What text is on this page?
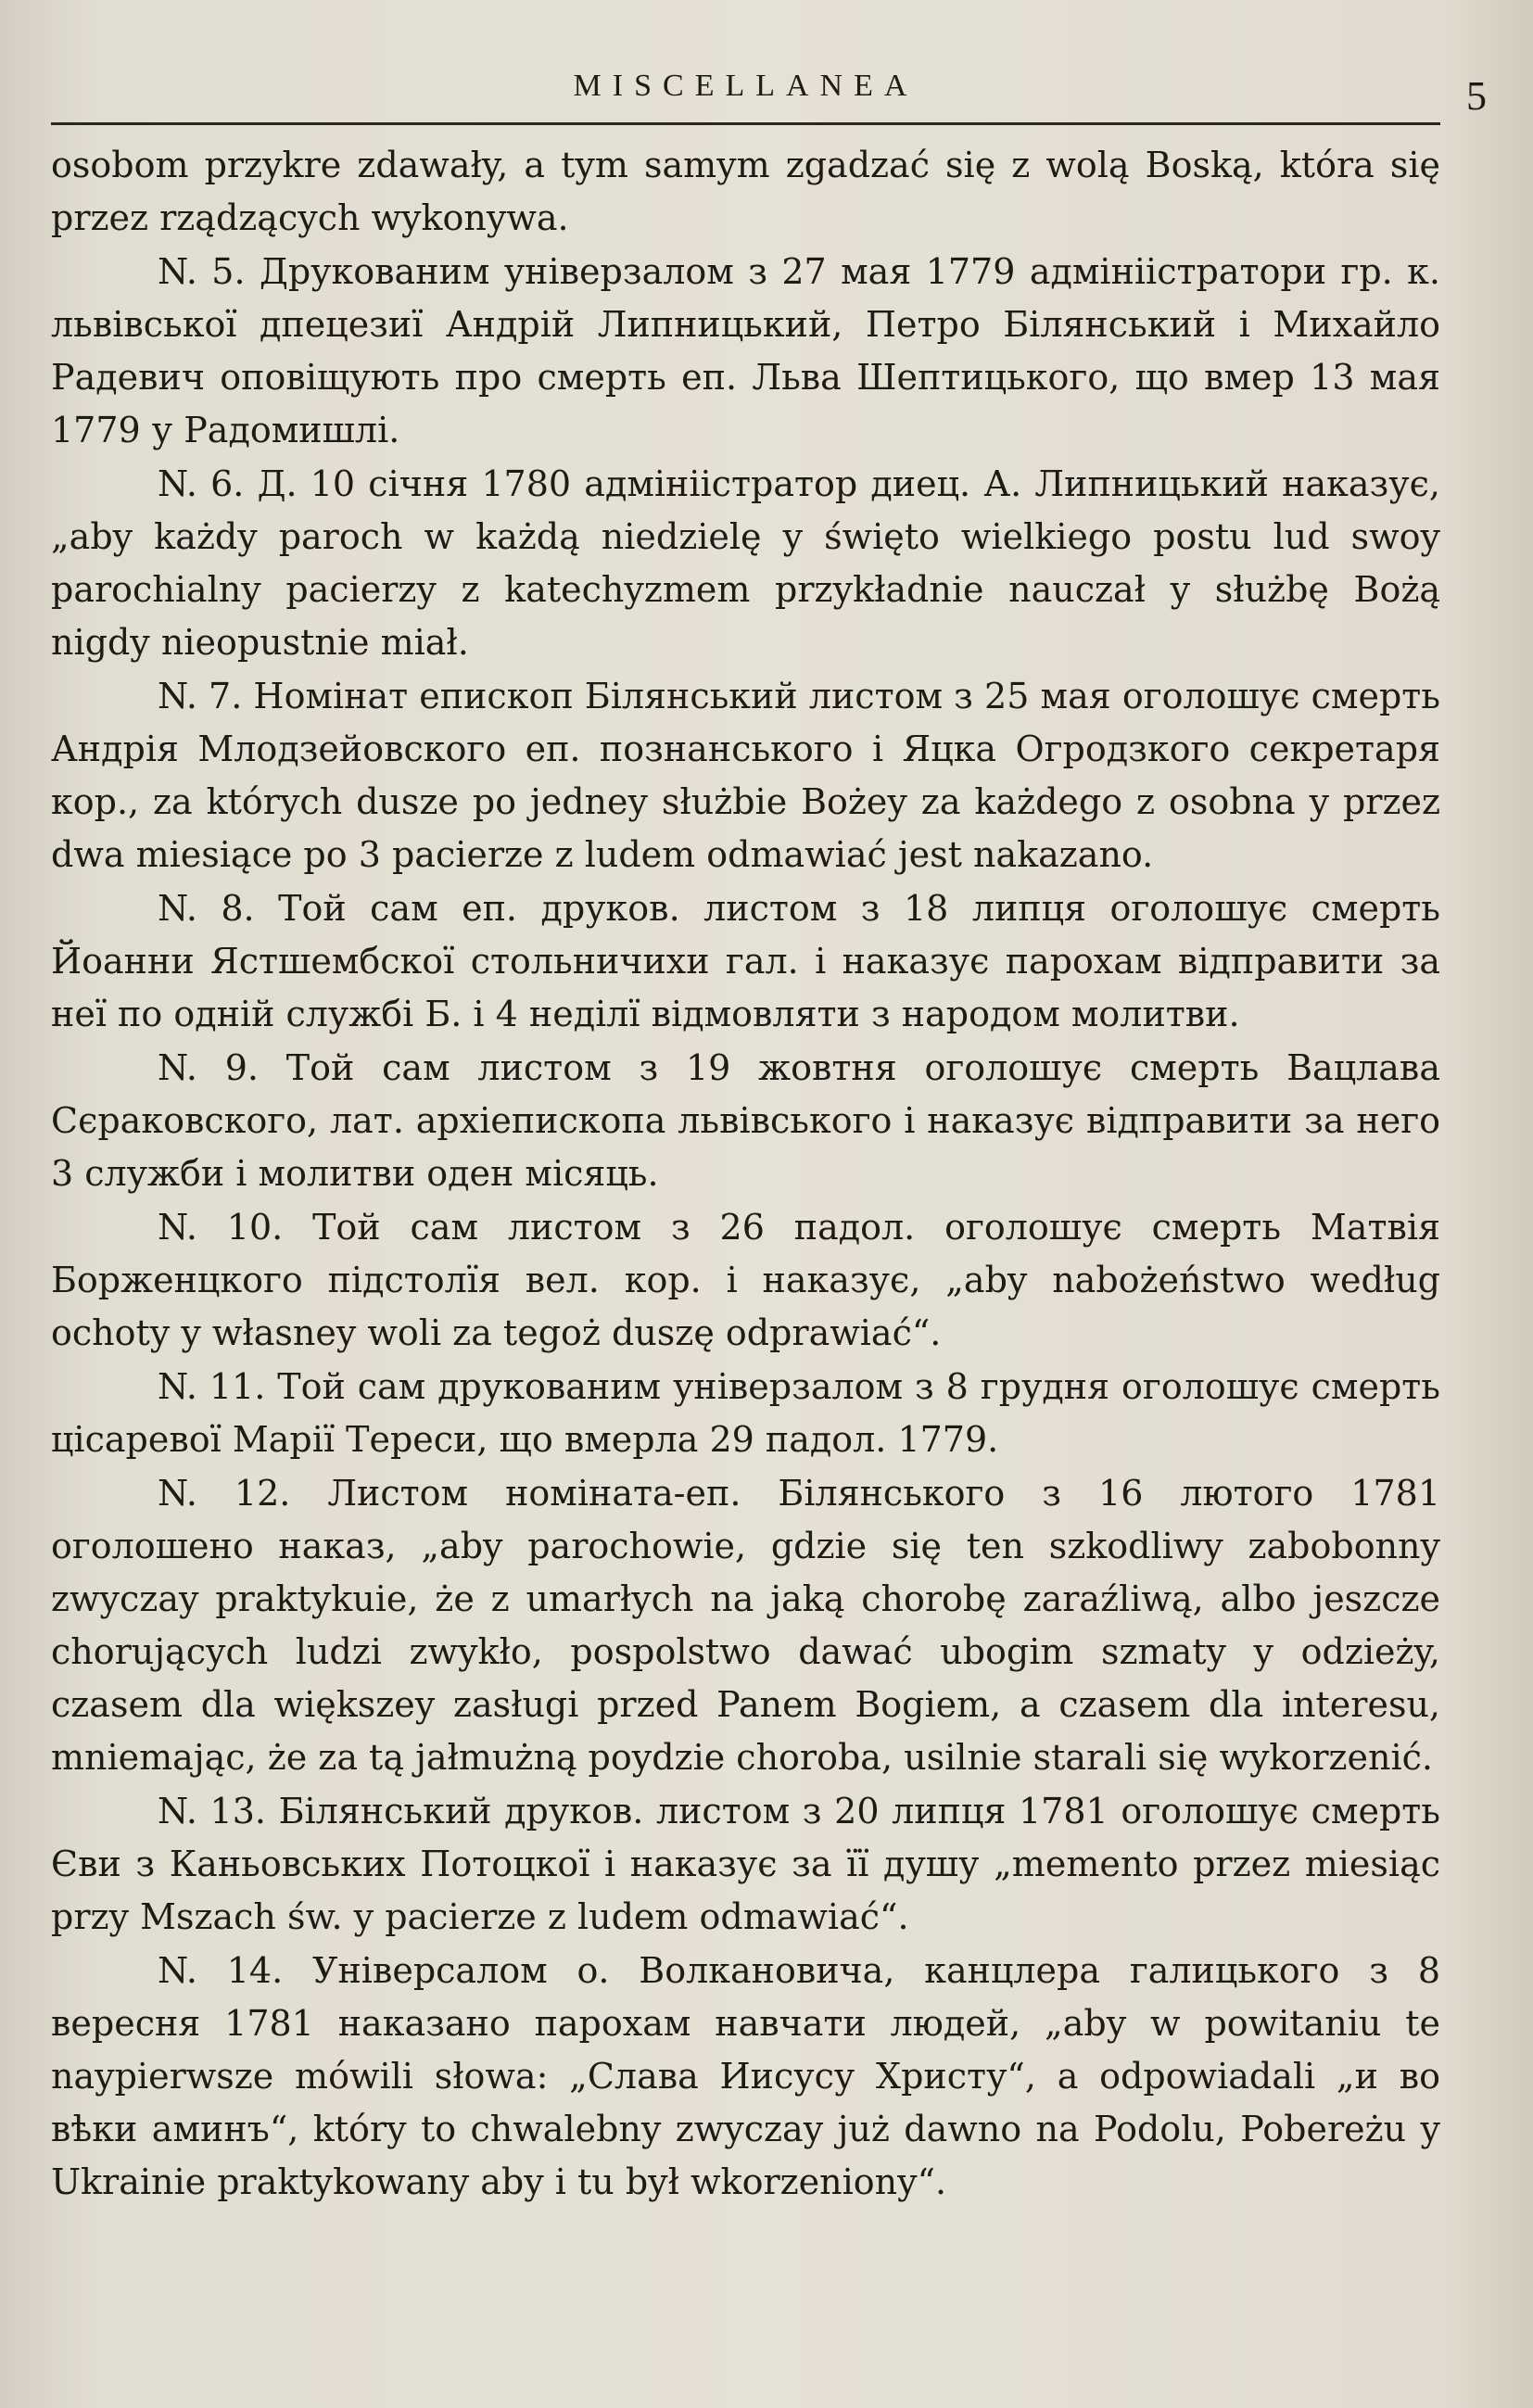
MISCELLANEA	5

osobom przykre zdawały, a tym samym zgadzać się z wolą Boską, która się przez rządzących wykonywa.

N. 5. Друкованим універзалом з 27 мая 1779 адмініістратори гр. к. львівської дпецезиї Андрій Липницький, Петро Білянський і Михайло Радевич оповіщують про смерть еп. Льва Шептицького, що вмер 13 мая 1779 у Радомишлі.

N. 6. Д. 10 січня 1780 адмініістратор диец. А. Липницький наказує, „aby każdy paroch w każdą niedzielę y święto wielkiego postu lud swoy parochialny pacierzy z katechyzmem przykładnie nauczał y służbę Bożą nigdy nieopustnie miał.

N. 7. Номінат епископ Білянський листом з 25 мая оголошує смерть Андрія Млодзейовского еп. познанського і Яцка Огродзкого секретаря кор., za których dusze po jedney służbie Bożey za każdego z osobna y przez dwa miesiące po 3 pacierze z ludem odmawiać jest nakazano.

N. 8. Той сам еп. друков. листом з 18 липця оголошує смерть Йоанни Ястшембскої стольничихи гал. і наказує парохам відправити за неї по одній службі Б. і 4 неділї відмовляти з народом молитви.

N. 9. Той сам листом з 19 жовтня оголошує смерть Вацлава Сєраковского, лат. архіепископа львівського і наказує відправити за него 3 служби і молитви оден місяць.

N. 10. Той сам листом з 26 падол. оголошує смерть Матвія Борженцкого підстолїя вел. кор. і наказує, „aby nabożeństwo według ochoty y własney woli za tegoż duszę odprawiać“.

N. 11. Той сам друкованим універзалом з 8 грудня оголошує смерть цісаревої Марії Тереси, що вмерла 29 падол. 1779.

N. 12. Листом номіната-еп. Білянського з 16 лютого 1781 оголошено наказ, „aby parochowie, gdzie się ten szkodliwy zabobonny zwyczay praktykuie, że z umarłych na jaką chorobę zaraźliwą, albo jeszcze chorujących ludzi zwykło, pospolstwo dawać ubogim szmaty y odzieży, czasem dla większey zasługi przed Panem Bogiem, a czasem dla interesu, mniemając, że za tą jałmużną poydzie choroba, usilnie starali się wykorzenić.

N. 13. Білянський друков. листом з 20 липця 1781 оголошує смерть Єви з Каньовських Потоцкої і наказує за її душу „memento przez miesiąc przy Mszach św. y pacierze z ludem odmawiać“.

N. 14. Універсалом о. Волкановича, канцлера галицького з 8 вересня 1781 наказано парохам навчати людей, „aby w powitaniu te naypierwsze mówili słowa: „Слава Иисусу Христу“, a odpowiadali „и во вѣки аминъ“, który to chwalebny zwyczay już dawno na Podolu, Pobereżu y Ukrainie praktykowany aby i tu był wkorzeniony“.
